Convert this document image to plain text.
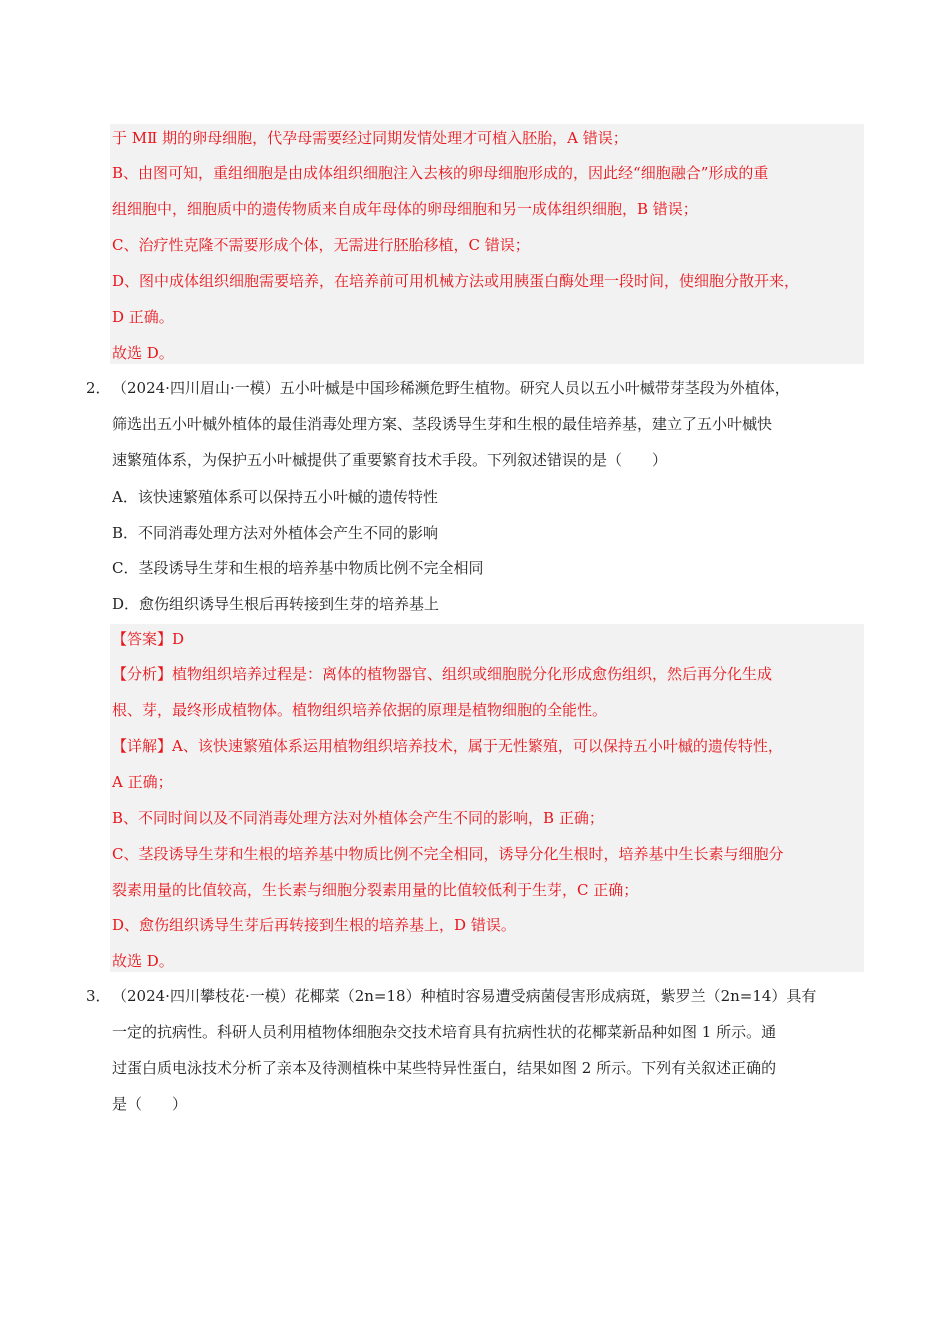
于 MⅡ 期的卵母细胞，代孕母需要经过同期发情处理才可植入胚胎，A 错误；
B、由图可知，重组细胞是由成体组织细胞注入去核的卵母细胞形成的，因此经“细胞融合”形成的重
组细胞中，细胞质中的遗传物质来自成年母体的卵母细胞和另一成体组织细胞，B 错误；
C、治疗性克隆不需要形成个体，无需进行胚胎移植，C 错误；
D、图中成体组织细胞需要培养，在培养前可用机械方法或用胰蛋白酶处理一段时间，使细胞分散开来，
D 正确。
故选 D。
2． （2024·四川眉山·一模）五小叶槭是中国珍稀濒危野生植物。研究人员以五小叶槭带芽茎段为外植体，
筛选出五小叶槭外植体的最佳消毒处理方案、茎段诱导生芽和生根的最佳培养基，建立了五小叶槭快
速繁殖体系，为保护五小叶槭提供了重要繁育技术手段。下列叙述错误的是（　　）
A．该快速繁殖体系可以保持五小叶槭的遗传特性
B．不同消毒处理方法对外植体会产生不同的影响
C．茎段诱导生芽和生根的培养基中物质比例不完全相同
D．愈伤组织诱导生根后再转接到生芽的培养基上
【答案】D
【分析】植物组织培养过程是：离体的植物器官、组织或细胞脱分化形成愈伤组织，然后再分化生成
根、芽，最终形成植物体。植物组织培养依据的原理是植物细胞的全能性。
【详解】A、该快速繁殖体系运用植物组织培养技术，属于无性繁殖，可以保持五小叶槭的遗传特性，
A 正确；
B、不同时间以及不同消毒处理方法对外植体会产生不同的影响，B 正确；
C、茎段诱导生芽和生根的培养基中物质比例不完全相同，诱导分化生根时，培养基中生长素与细胞分
裂素用量的比值较高，生长素与细胞分裂素用量的比值较低利于生芽，C 正确；
D、愈伤组织诱导生芽后再转接到生根的培养基上，D 错误。
故选 D。
3． （2024·四川攀枝花·一模）花椰菜（2n=18）种植时容易遭受病菌侵害形成病斑，紫罗兰（2n=14）具有
一定的抗病性。科研人员利用植物体细胞杂交技术培育具有抗病性状的花椰菜新品种如图 1 所示。通
过蛋白质电泳技术分析了亲本及待测植株中某些特异性蛋白，结果如图 2 所示。下列有关叙述正确的
是（　　）
